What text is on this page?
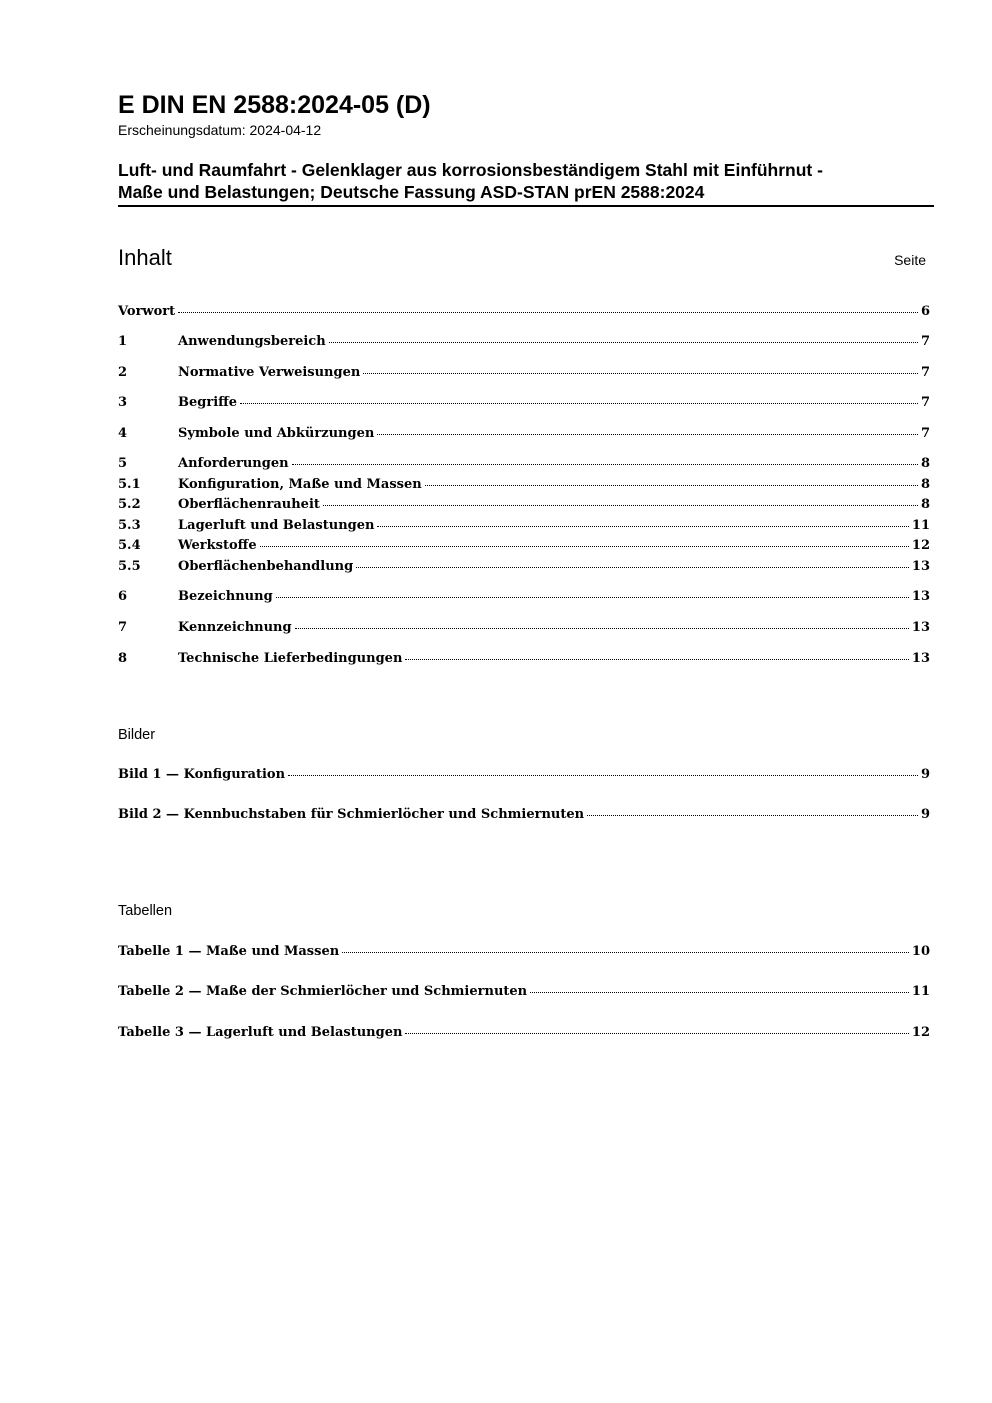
E DIN EN 2588:2024-05 (D)
Erscheinungsdatum: 2024-04-12
Luft- und Raumfahrt - Gelenklager aus korrosionsbeständigem Stahl mit Einführnut -
Maße und Belastungen; Deutsche Fassung ASD-STAN prEN 2588:2024
Inhalt	Seite
Vorwort	6
1	Anwendungsbereich	7
2	Normative Verweisungen	7
3	Begriffe	7
4	Symbole und Abkürzungen	7
5	Anforderungen	8
5.1	Konfiguration, Maße und Massen	8
5.2	Oberflächenrauheit	8
5.3	Lagerluft und Belastungen	11
5.4	Werkstoffe	12
5.5	Oberflächenbehandlung	13
6	Bezeichnung	13
7	Kennzeichnung	13
8	Technische Lieferbedingungen	13
Bilder
Bild 1 — Konfiguration	9
Bild 2 — Kennbuchstaben für Schmierlöcher und Schmiernuten	9
Tabellen
Tabelle 1 — Maße und Massen	10
Tabelle 2 — Maße der Schmierlöcher und Schmiernuten	11
Tabelle 3 — Lagerluft und Belastungen	12
